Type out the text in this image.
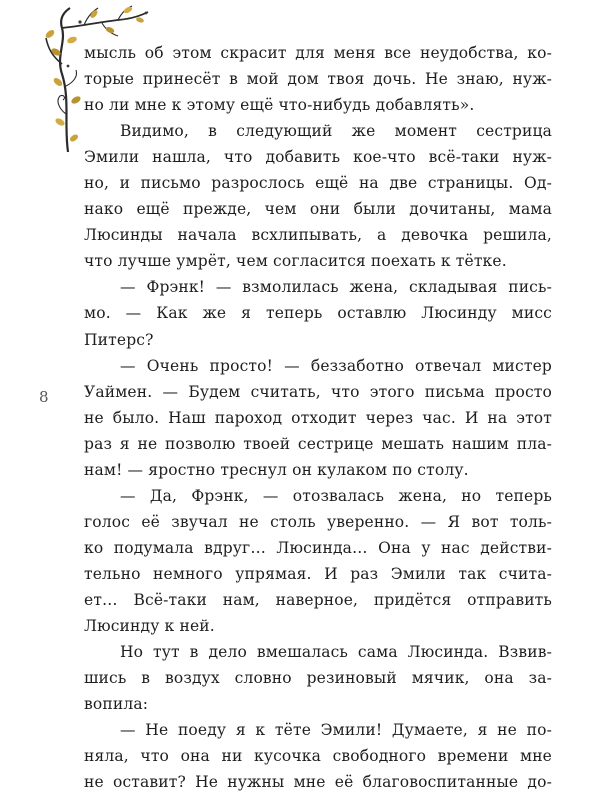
8
мысль об этом скрасит для меня все неудобства, ко-
торые принесёт в мой дом твоя дочь. Не знаю, нуж-
но ли мне к этому ещё что-нибудь добавлять».
Видимо, в следующий же момент сестрица
Эмили нашла, что добавить кое-что всё-таки нуж-
но, и письмо разрослось ещё на две страницы. Од-
нако ещё прежде, чем они были дочитаны, мама
Люсинды начала всхлипывать, а девочка решила,
что лучше умрёт, чем согласится поехать к тётке.
— Фрэнк! — взмолилась жена, складывая пись-
мо. — Как же я теперь оставлю Люсинду мисс
Питерс?
— Очень просто! — беззаботно отвечал мистер
Уаймен. — Будем считать, что этого письма просто
не было. Наш пароход отходит через час. И на этот
раз я не позволю твоей сестрице мешать нашим пла-
нам! — яростно треснул он кулаком по столу.
— Да, Фрэнк, — отозвалась жена, но теперь
голос её звучал не столь уверенно. — Я вот толь-
ко подумала вдруг… Люсинда… Она у нас действи-
тельно немного упрямая. И раз Эмили так счита-
ет… Всё-таки нам, наверное, придётся отправить
Люсинду к ней.
Но тут в дело вмешалась сама Люсинда. Взвив-
шись в воздух словно резиновый мячик, она за-
вопила:
— Не поеду я к тёте Эмили! Думаете, я не по-
няла, что она ни кусочка свободного времени мне
не оставит? Не нужны мне её благовоспитанные до-
